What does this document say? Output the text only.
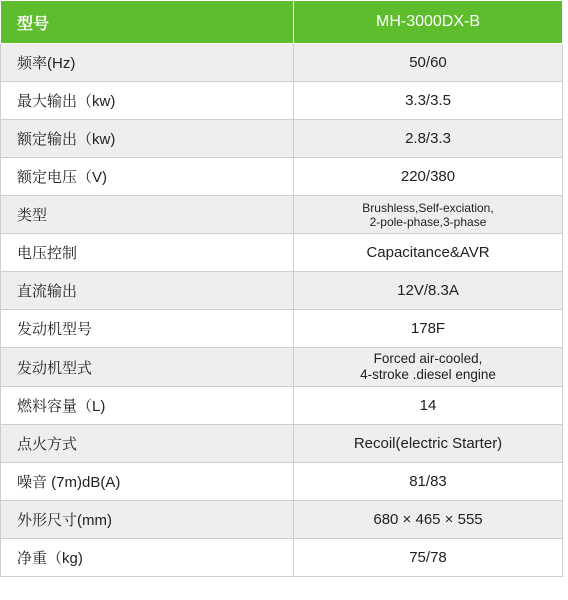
型号	MH-3000DX-B
频率(Hz)	50/60
最大输出（kw)	3.3/3.5
额定输出（kw)	2.8/3.3
额定电压（V)	220/380
类型	Brushless,Self-exciation,
2-pole-phase,3-phase

电压控制	Capacitance&AVR
直流输出	12V/8.3A
发动机型号	178F
发动机型式	Forced air-cooled,
4-stroke .diesel engine

燃料容量（L)	14
点火方式	Recoil(electric Starter)
噪音 (7m)dB(A)	81/83
外形尺寸(mm)	680 × 465 × 555
净重（kg)	75/78
